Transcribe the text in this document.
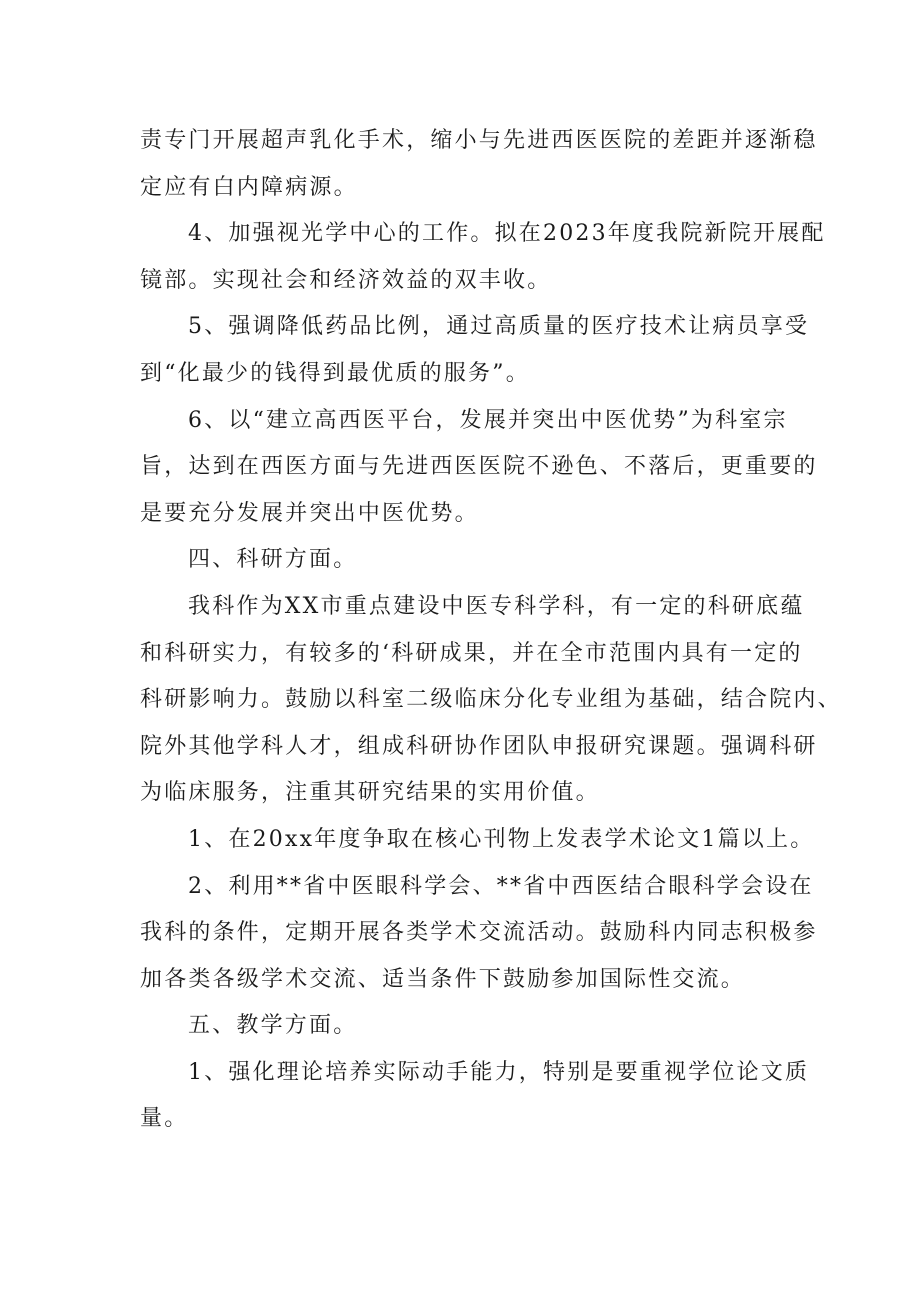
责专门开展超声乳化手术，缩小与先进西医医院的差距并逐渐稳
定应有白内障病源。
4、加强视光学中心的工作。拟在2023年度我院新院开展配
镜部。实现社会和经济效益的双丰收。
5、强调降低药品比例，通过高质量的医疗技术让病员享受
到“化最少的钱得到最优质的服务”。
6、以“建立高西医平台，发展并突出中医优势”为科室宗
旨，达到在西医方面与先进西医医院不逊色、不落后，更重要的
是要充分发展并突出中医优势。
四、科研方面。
我科作为XX市重点建设中医专科学科，有一定的科研底蕴
和科研实力，有较多的‘科研成果，并在全市范围内具有一定的
科研影响力。鼓励以科室二级临床分化专业组为基础，结合院内、
院外其他学科人才，组成科研协作团队申报研究课题。强调科研
为临床服务，注重其研究结果的实用价值。
1、在20xx年度争取在核心刊物上发表学术论文1篇以上。
2、利用**省中医眼科学会、**省中西医结合眼科学会设在
我科的条件，定期开展各类学术交流活动。鼓励科内同志积极参
加各类各级学术交流、适当条件下鼓励参加国际性交流。
五、教学方面。
1、强化理论培养实际动手能力，特别是要重视学位论文质
量。
